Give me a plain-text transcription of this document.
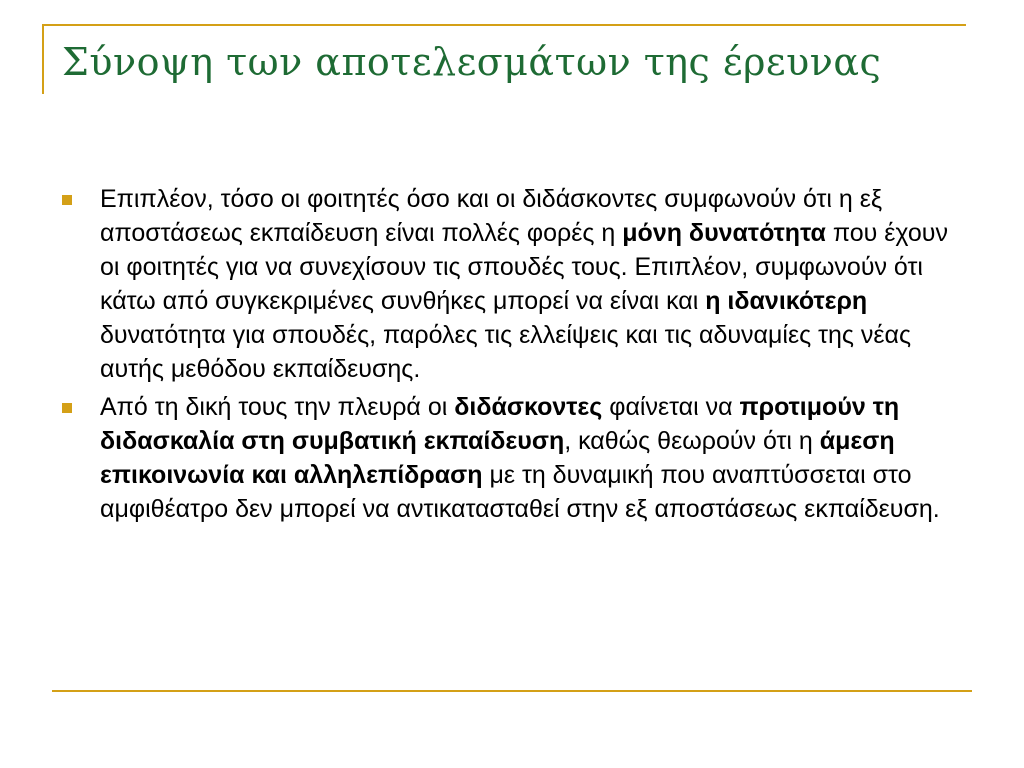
Σύνοψη των αποτελεσμάτων της έρευνας
Επιπλέον, τόσο οι φοιτητές όσο και οι διδάσκοντες συμφωνούν ότι η εξ αποστάσεως εκπαίδευση είναι πολλές φορές η μόνη δυνατότητα που έχουν οι φοιτητές για να συνεχίσουν τις σπουδές τους. Επιπλέον, συμφωνούν ότι κάτω από συγκεκριμένες συνθήκες μπορεί να είναι και η ιδανικότερη δυνατότητα για σπουδές, παρόλες τις ελλείψεις και τις αδυναμίες της νέας αυτής μεθόδου εκπαίδευσης.
Από τη δική τους την πλευρά οι διδάσκοντες φαίνεται να προτιμούν τη διδασκαλία στη συμβατική εκπαίδευση, καθώς θεωρούν ότι η άμεση επικοινωνία και αλληλεπίδραση με τη δυναμική που αναπτύσσεται στο αμφιθέατρο δεν μπορεί να αντικατασταθεί στην εξ αποστάσεως εκπαίδευση.
